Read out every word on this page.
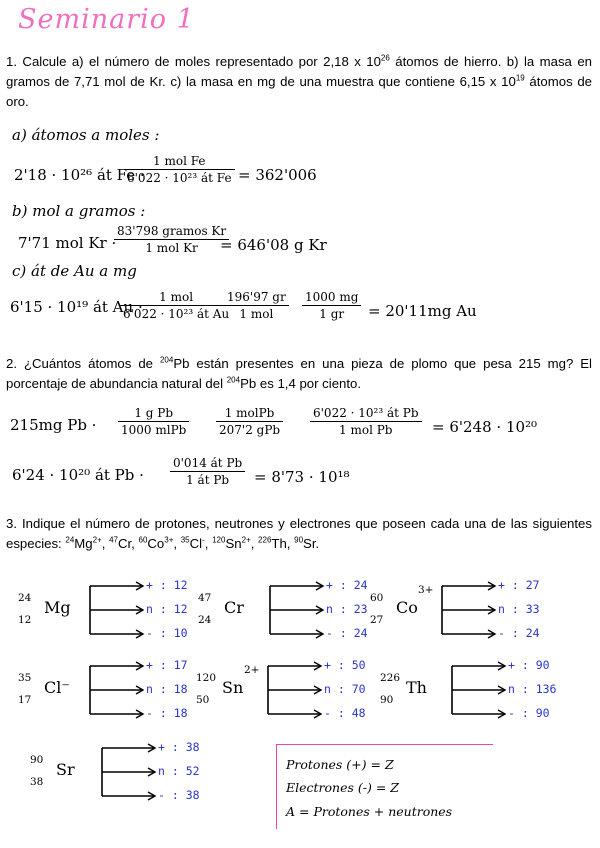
Seminario 1
1. Calcule a) el número de moles representado por 2,18 x $10^{26}$ átomos de hierro. b) la masa en gramos de 7,71 mol de Kr. c) la masa en mg de una muestra que contiene 6,15 x $10^{19}$ átomos de oro.
a) átomos a moles :
2'18 · 10²⁶ át Fe ·
1 mol Fe
6'022 · 10²³ át Fe = 362'006
b) mol a gramos :
7'71 mol Kr ·
83'798 gramos Kr
1 mol Kr	= 646'08 g Kr
c) át de Au a mg
6'15 · 10¹⁹ át Au ·
1 mol
6'022 · 10²³ át Au
196'97 gr
1 mol	$\frac{1000 mg}{1 gr} = 20'11mg$ Au
2. ¿Cuántos átomos de $^{204}$Pb están presentes en una pieza de plomo que pesa 215 mg? El porcentaje de abundancia natural del $^{204}$Pb es 1,4 por ciento.
215mg Pb ·
1 g Pb
1000 mlPb
1 molPb
207'2 gPb
6'022 · 10²³ át Pb
1 mol Pb	= 6'248 · 10²⁰
6'24 · 10²⁰ át $Pb \cdot \frac{\text{0'014 át Pb}}{\text{1 át Pb}} = 8'73 \cdot 10^{18}$
3. Indique el número de protones, neutrones y electrones que poseen cada una de las siguientes especies: $^{24}Mg^{2+}$, $^{47}$Cr, $^{60}Co^{3+}$, $^{35}$Cl-, $^{120}Sn^{2+}$, $^{226}$Th, $^{90}$Sr.
24
12
Mg
+ : 12
n : 12
- : 10
47
24
Cr
+ : 24
n : 23
- : 24
60
27
Co
3+	+ : 27
n : 33
- : 24
35
17
Cl⁻
+ : 17
n : 18
- : 18
120
50
Sn
2+	+ : 50
n : 70
- : 48
226
90
Th
+ : 90
n : 136
- : 90
90
38
Sr
+ : 38
n : 52
- : 38
Protones (+) = Z
Electrones (-) = Z
A = Protones + neutrones
